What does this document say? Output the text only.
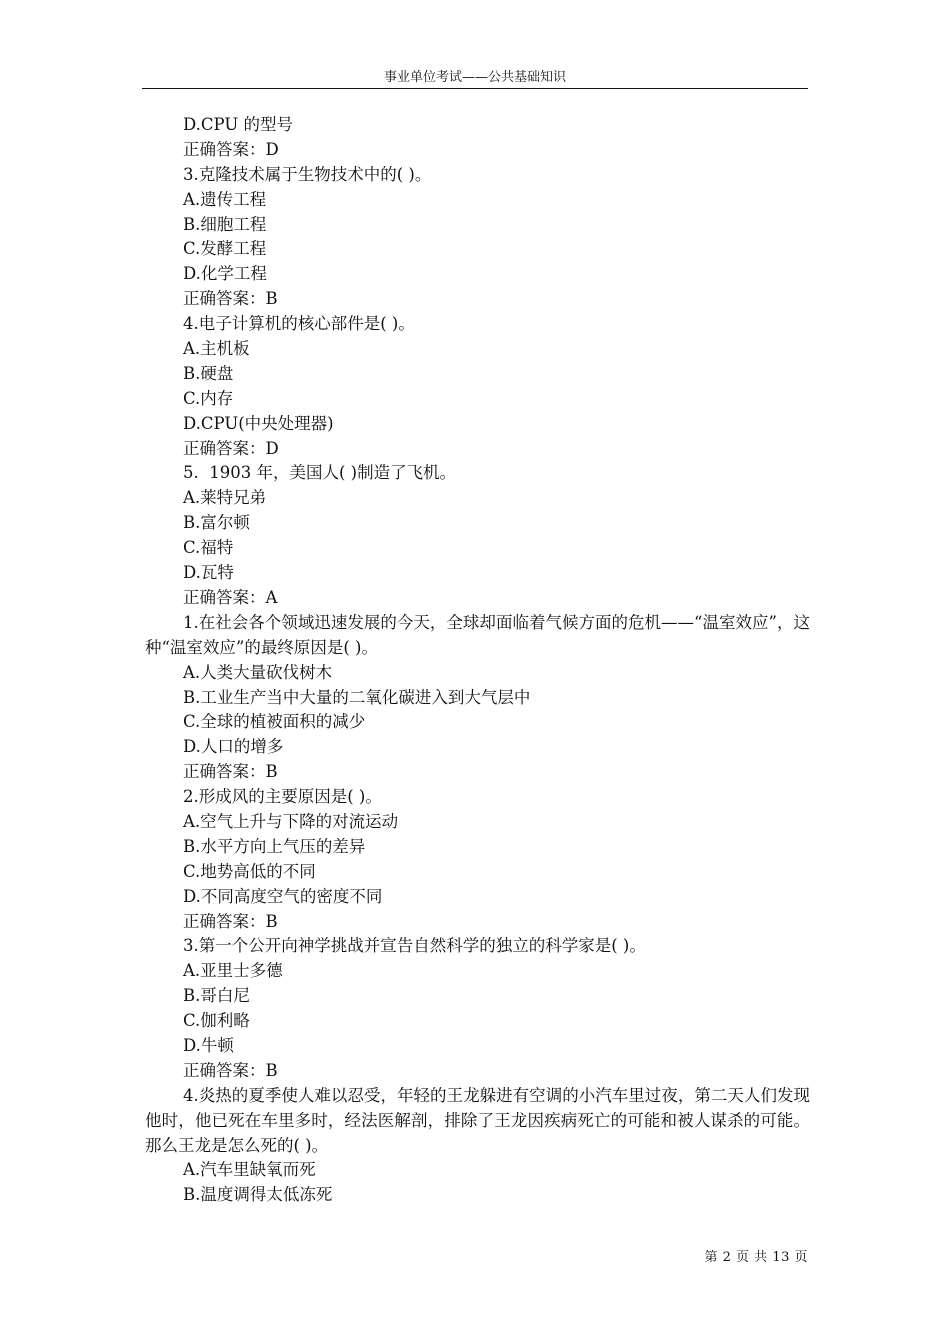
事业单位考试——公共基础知识
D.CPU 的型号
正确答案：D
3.克隆技术属于生物技术中的( )。
A.遗传工程
B.细胞工程
C.发酵工程
D.化学工程
正确答案：B
4.电子计算机的核心部件是( )。
A.主机板
B.硬盘
C.内存
D.CPU(中央处理器)
正确答案：D
5.  1903 年，美国人( )制造了飞机。
A.莱特兄弟
B.富尔顿
C.福特
D.瓦特
正确答案：A
1.在社会各个领域迅速发展的今天，全球却面临着气候方面的危机——“温室效应”，这种“温室效应”的最终原因是( )。
A.人类大量砍伐树木
B.工业生产当中大量的二氧化碳进入到大气层中
C.全球的植被面积的减少
D.人口的增多
正确答案：B
2.形成风的主要原因是( )。
A.空气上升与下降的对流运动
B.水平方向上气压的差异
C.地势高低的不同
D.不同高度空气的密度不同
正确答案：B
3.第一个公开向神学挑战并宣告自然科学的独立的科学家是( )。
A.亚里士多德
B.哥白尼
C.伽利略
D.牛顿
正确答案：B
4.炎热的夏季使人难以忍受，年轻的王龙躲进有空调的小汽车里过夜，第二天人们发现他时，他已死在车里多时，经法医解剖，排除了王龙因疾病死亡的可能和被人谋杀的可能。那么王龙是怎么死的( )。
A.汽车里缺氧而死
B.温度调得太低冻死
第 2 页 共 13 页
